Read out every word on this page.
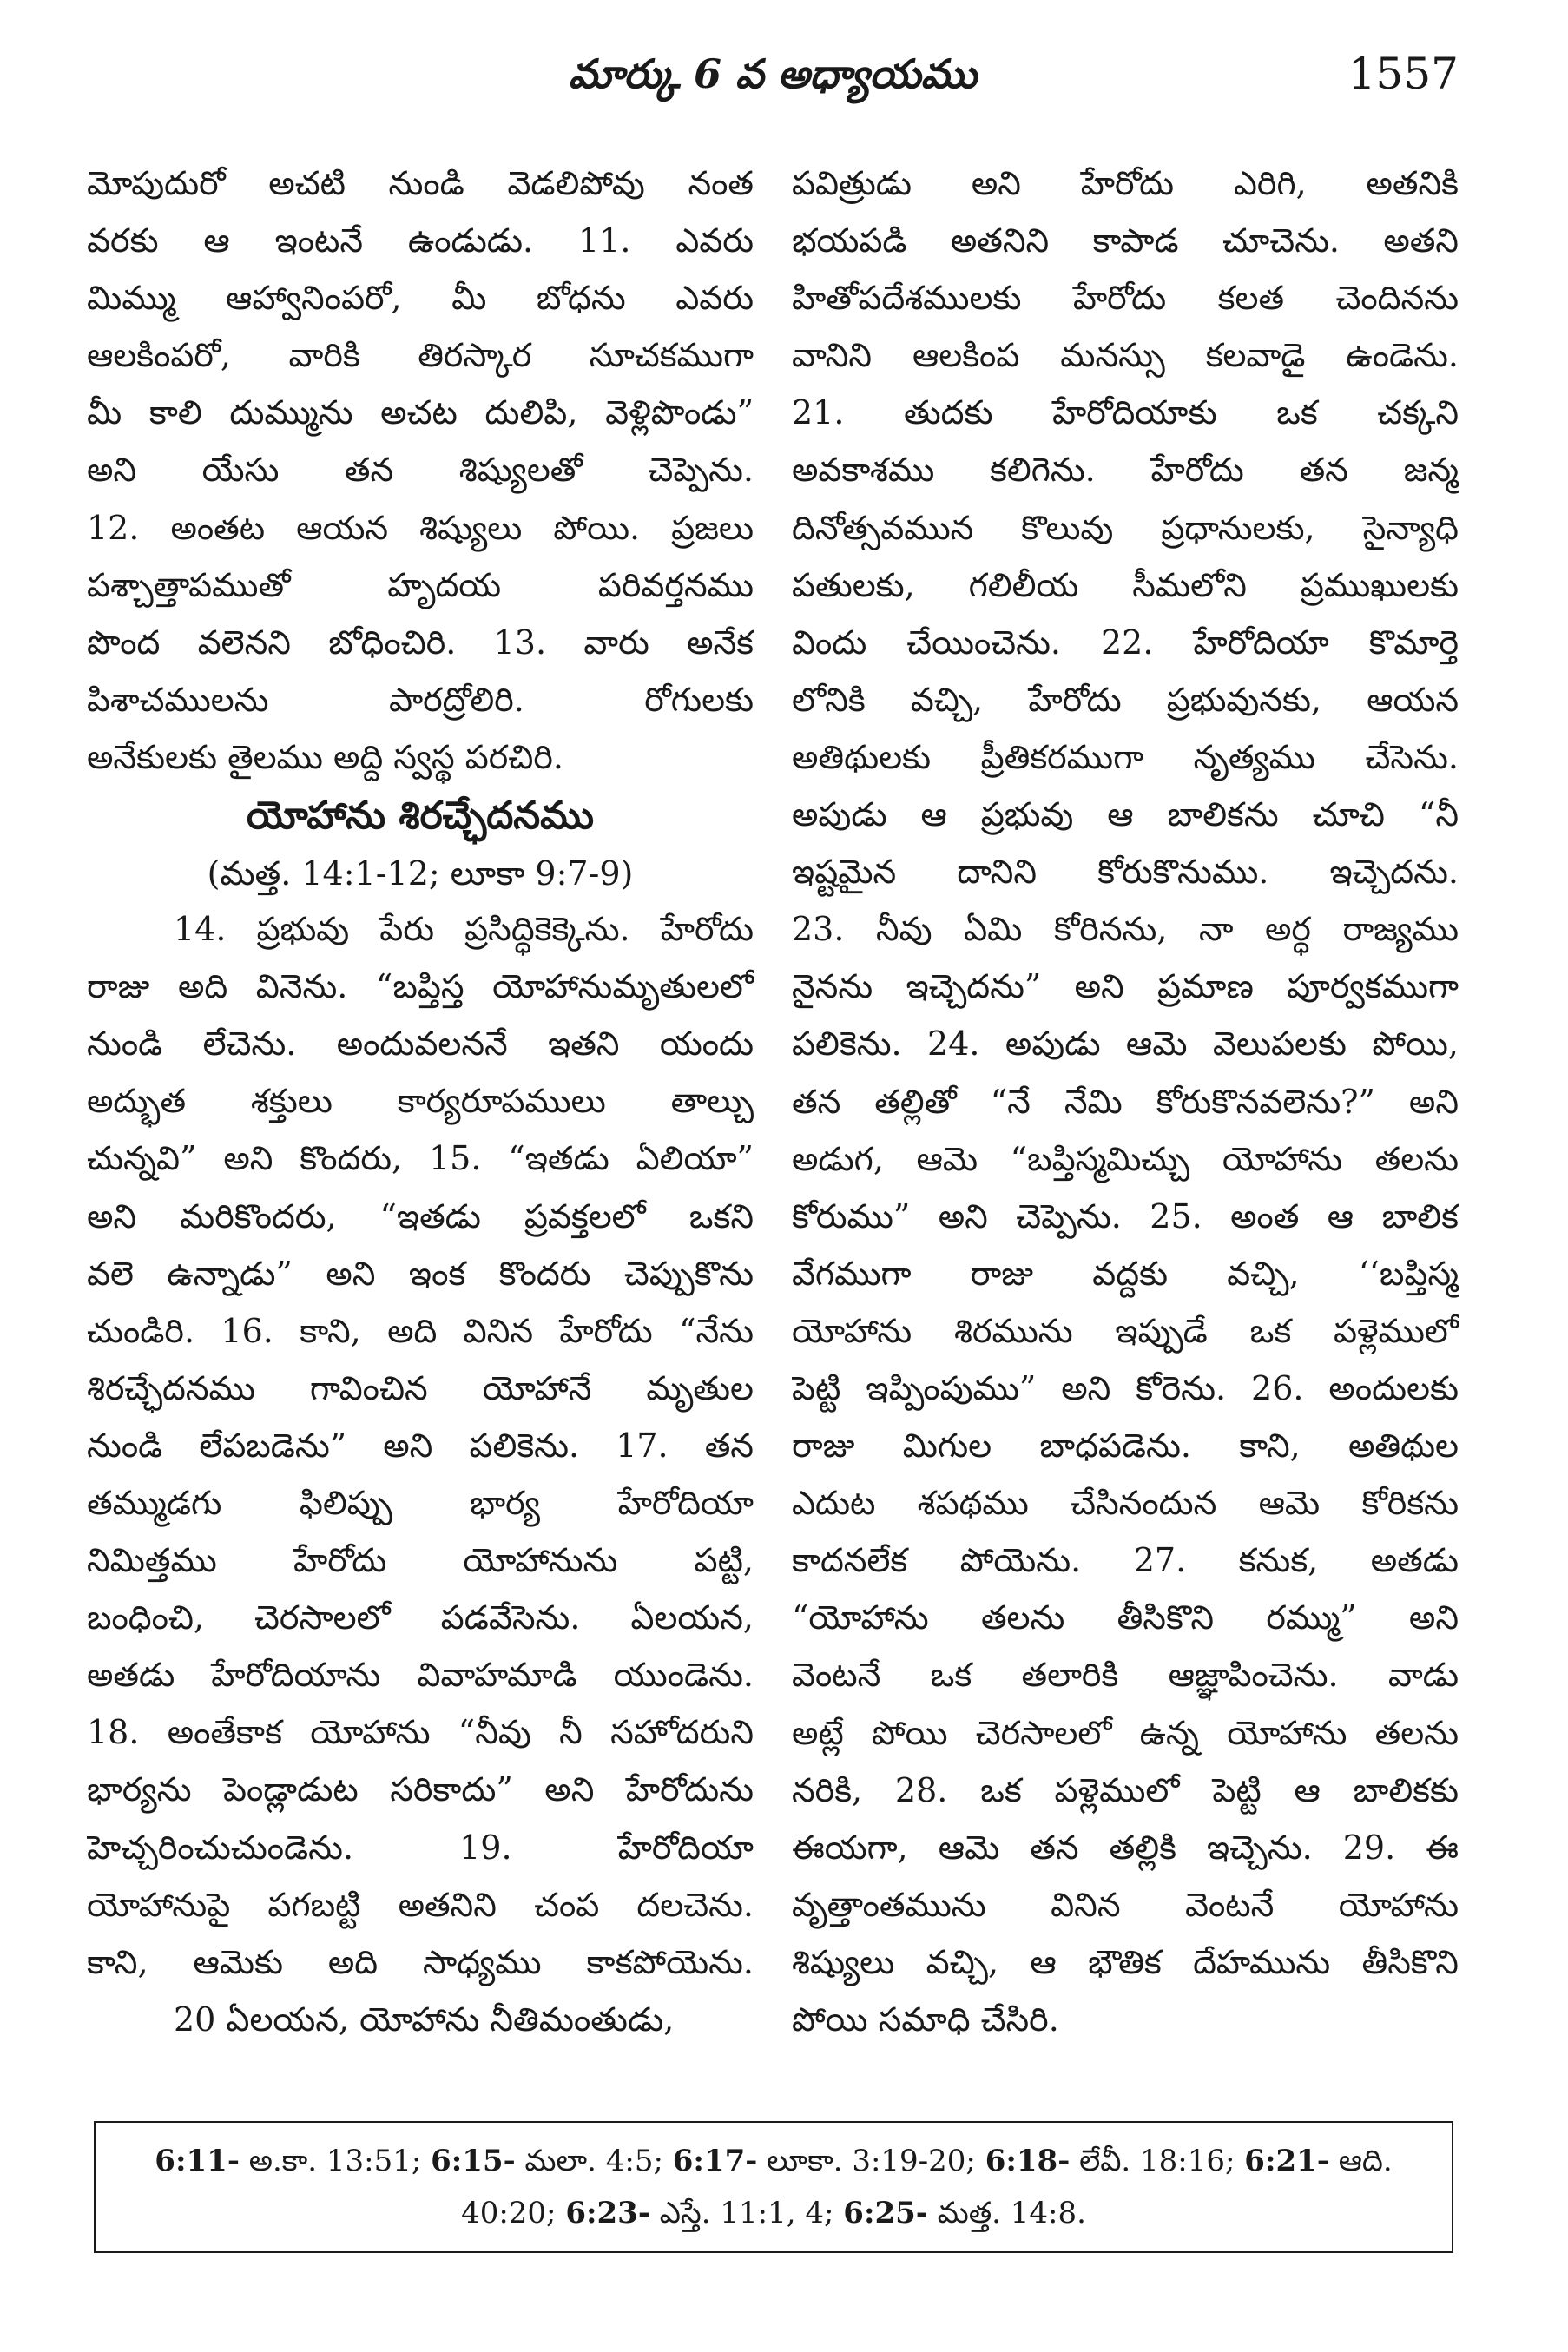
మార్కు 6 వ అధ్యాయము	1557
మోపుదురో అచటి నుండి వెడలిపోవు నంత
వరకు ఆ ఇంటనే ఉండుడు. 11. ఎవరు
మిమ్ము ఆహ్వానింపరో, మీ బోధను ఎవరు
ఆలకింపరో, వారికి తిరస్కార సూచకముగా
మీ కాలి దుమ్మును అచట దులిపి, వెళ్లిపొండు”
అని యేసు తన శిష్యులతో చెప్పెను.
12. అంతట ఆయన శిష్యులు పోయి. ప్రజలు
పశ్చాత్తాపముతో హృదయ పరివర్తనము
పొంద వలెనని బోధించిరి. 13. వారు అనేక
పిశాచములను పారద్రోలిరి. రోగులకు
అనేకులకు తైలము అద్ది స్వస్థ పరచిరి.
యోహాను శిరచ్ఛేదనము
(మత్త. 14:1-12; లూకా 9:7-9)
14. ప్రభువు పేరు ప్రసిద్ధికెక్కెను. హేరోదు
రాజు అది వినెను. “బప్తిస్త యోహానుమృతులలో
నుండి లేచెను. అందువలననే ఇతని యందు
అద్భుత శక్తులు కార్యరూపములు తాల్చు
చున్నవి” అని కొందరు, 15. “ఇతడు ఏలియా”
అని మరికొందరు, “ఇతడు ప్రవక్తలలో ఒకని
వలె ఉన్నాడు” అని ఇంక కొందరు చెప్పుకొను
చుండిరి. 16. కాని, అది వినిన హేరోదు “నేను
శిరచ్ఛేదనము గావించిన యోహానే మృతుల
నుండి లేపబడెను” అని పలికెను. 17. తన
తమ్ముడగు ఫిలిప్పు భార్య హేరోదియా
నిమిత్తము హేరోదు యోహానును పట్టి,
బంధించి, చెరసాలలో పడవేసెను. ఏలయన,
అతడు హేరోదియాను వివాహమాడి యుండెను.
18. అంతేకాక యోహాను “నీవు నీ సహోదరుని
భార్యను పెండ్లాడుట సరికాదు” అని హేరోదును
హెచ్చరించుచుండెను. 19. హేరోదియా
యోహానుపై పగబట్టి అతనిని చంప దలచెను.
కాని, ఆమెకు అది సాధ్యము కాకపోయెను.
20 ఏలయన, యోహాను నీతిమంతుడు,
పవిత్రుడు అని హేరోదు ఎరిగి, అతనికి
భయపడి అతనిని కాపాడ చూచెను. అతని
హితోపదేశములకు హేరోదు కలత చెందినను
వానిని ఆలకింప మనస్సు కలవాడై ఉండెను.
21. తుదకు హేరోదియాకు ఒక చక్కని
అవకాశము కలిగెను. హేరోదు తన జన్మ
దినోత్సవమున కొలువు ప్రధానులకు, సైన్యాధి
పతులకు, గలిలీయ సీమలోని ప్రముఖులకు
విందు చేయించెను. 22. హేరోదియా కొమార్తె
లోనికి వచ్చి, హేరోదు ప్రభువునకు, ఆయన
అతిథులకు ప్రీతికరముగా నృత్యము చేసెను.
అపుడు ఆ ప్రభువు ఆ బాలికను చూచి “నీ
ఇష్టమైన దానిని కోరుకొనుము. ఇచ్చెదను.
23. నీవు ఏమి కోరినను, నా అర్ధ రాజ్యము
నైనను ఇచ్చెదను” అని ప్రమాణ పూర్వకముగా
పలికెను. 24. అపుడు ఆమె వెలుపలకు పోయి,
తన తల్లితో “నే నేమి కోరుకొనవలెను?” అని
అడుగ, ఆమె “బప్తిస్మమిచ్చు యోహాను తలను
కోరుము” అని చెప్పెను. 25. అంత ఆ బాలిక
వేగముగా రాజు వద్దకు వచ్చి, ‘‘బప్తిస్మ
యోహాను శిరమును ఇప్పుడే ఒక పళ్లెములో
పెట్టి ఇప్పింపుము” అని కోరెను. 26. అందులకు
రాజు మిగుల బాధపడెను. కాని, అతిథుల
ఎదుట శపథము చేసినందున ఆమె కోరికను
కాదనలేక పోయెను. 27. కనుక, అతడు
“యోహాను తలను తీసికొని రమ్ము” అని
వెంటనే ఒక తలారికి ఆజ్ఞాపించెను. వాడు
అట్లే పోయి చెరసాలలో ఉన్న యోహాను తలను
నరికి, 28. ఒక పళ్లెములో పెట్టి ఆ బాలికకు
ఈయగా, ఆమె తన తల్లికి ఇచ్చెను. 29. ఈ
వృత్తాంతమును వినిన వెంటనే యోహాను
శిష్యులు వచ్చి, ఆ భౌతిక దేహమును తీసికొని
పోయి సమాధి చేసిరి.
6:11- అ.కా. 13:51; 6:15- మలా. 4:5; 6:17- లూకా. 3:19-20; 6:18- లేవీ. 18:16; 6:21- ఆది.
40:20; 6:23- ఎస్తే. 11:1, 4; 6:25- మత్త. 14:8.
